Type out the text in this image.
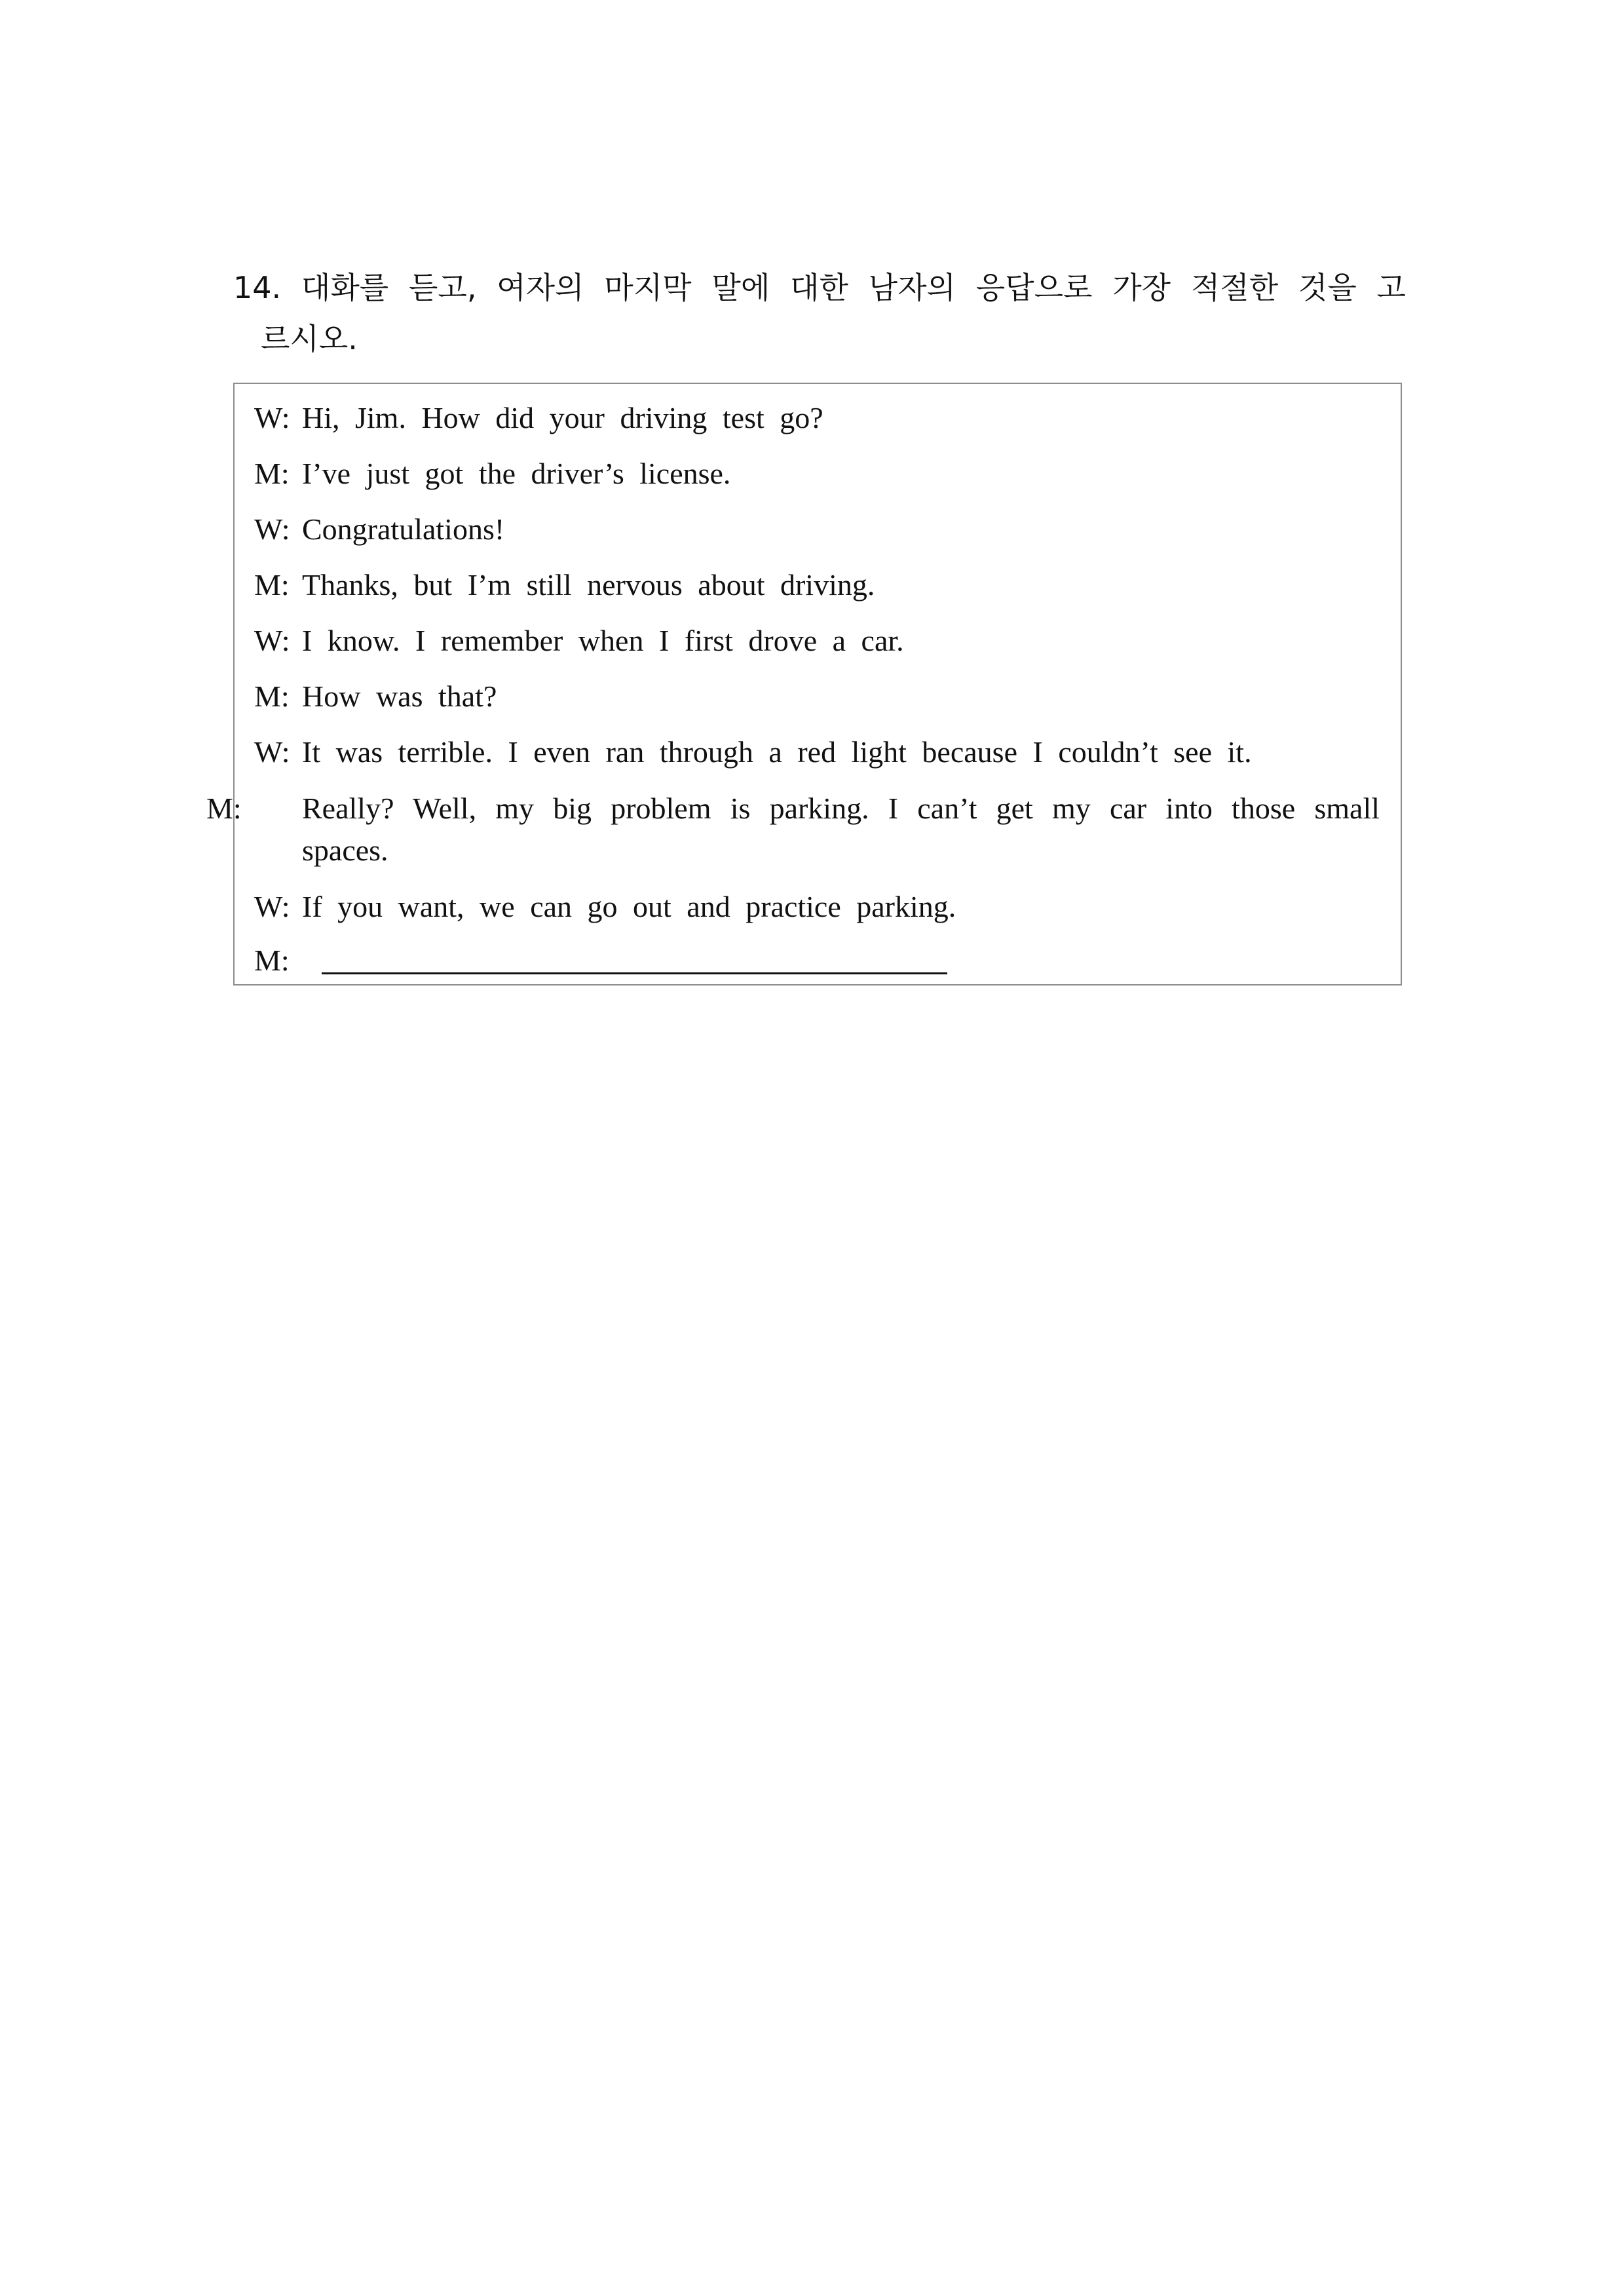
14. 대화를 듣고, 여자의 마지막 말에 대한 남자의 응답으로 가장 적절한 것을 고
르시오.
W: Hi, Jim. How did your driving test go?
M: I’ve just got the driver’s license.
W: Congratulations!
M: Thanks, but I’m still nervous about driving.
W: I know. I remember when I first drove a car.
M: How was that?
W: It was terrible. I even ran through a red light because I couldn’t see it.
M: Really? Well, my big problem is parking. I can’t get my car into those small spaces.
W: If you want, we can go out and practice parking.
M:
